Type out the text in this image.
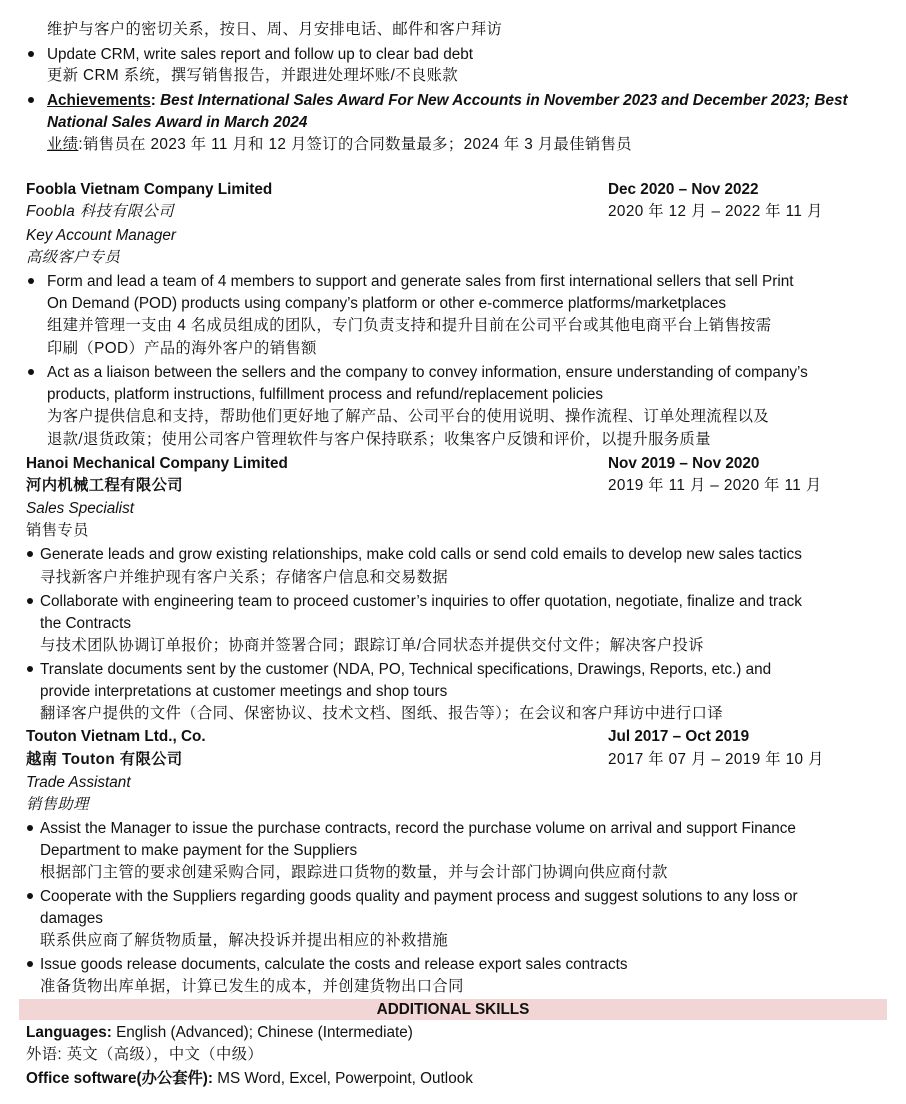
维护与客户的密切关系，按日、周、月安排电话、邮件和客户拜访

Update CRM, write sales report and follow up to clear bad debt

更新 CRM 系统，撰写销售报告，并跟进处理坏账/不良账款

Achievements: Best International Sales Award For New Accounts in November 2023 and December 2023; Best

National Sales Award in March 2024

业绩:销售员在 2023 年 11 月和 12 月签订的合同数量最多；2024 年 3 月最佳销售员

Foobla Vietnam Company Limited	Dec 2020 – Nov 2022

Foobla 科技有限公司	2020 年 12 月 – 2022 年 11 月

Key Account Manager

高级客户专员

Form and lead a team of 4 members to support and generate sales from first international sellers that sell Print

On Demand (POD) products using company’s platform or other e-commerce platforms/marketplaces

组建并管理一支由 4 名成员组成的团队，专门负责支持和提升目前在公司平台或其他电商平台上销售按需

印刷（POD）产品的海外客户的销售额

Act as a liaison between the sellers and the company to convey information, ensure understanding of company’s

products, platform instructions, fulfillment process and refund/replacement policies

为客户提供信息和支持，帮助他们更好地了解产品、公司平台的使用说明、操作流程、订单处理流程以及

退款/退货政策；使用公司客户管理软件与客户保持联系；收集客户反馈和评价，以提升服务质量

Hanoi Mechanical Company Limited	Nov 2019 – Nov 2020

河内机械工程有限公司	2019 年 11 月 – 2020 年 11 月

Sales Specialist

销售专员

Generate leads and grow existing relationships, make cold calls or send cold emails to develop new sales tactics

寻找新客户并维护现有客户关系；存储客户信息和交易数据

Collaborate with engineering team to proceed customer’s inquiries to offer quotation, negotiate, finalize and track

the Contracts

与技术团队协调订单报价；协商并签署合同；跟踪订单/合同状态并提供交付文件；解决客户投诉

Translate documents sent by the customer (NDA, PO, Technical specifications, Drawings, Reports, etc.) and

provide interpretations at customer meetings and shop tours

翻译客户提供的文件（合同、保密协议、技术文档、图纸、报告等）；在会议和客户拜访中进行口译

Touton Vietnam Ltd., Co.	Jul 2017 – Oct 2019

越南 Touton 有限公司	2017 年 07 月 – 2019 年 10 月

Trade Assistant

销售助理

Assist the Manager to issue the purchase contracts, record the purchase volume on arrival and support Finance

Department to make payment for the Suppliers

根据部门主管的要求创建采购合同，跟踪进口货物的数量，并与会计部门协调向供应商付款

Cooperate with the Suppliers regarding goods quality and payment process and suggest solutions to any loss or

damages

联系供应商了解货物质量，解决投诉并提出相应的补救措施

Issue goods release documents, calculate the costs and release export sales contracts

准备货物出库单据，计算已发生的成本，并创建货物出口合同

ADDITIONAL SKILLS

Languages: English (Advanced); Chinese (Intermediate)

外语: 英文（高级），中文（中级）

Office software(办公套件): MS Word, Excel, Powerpoint, Outlook
